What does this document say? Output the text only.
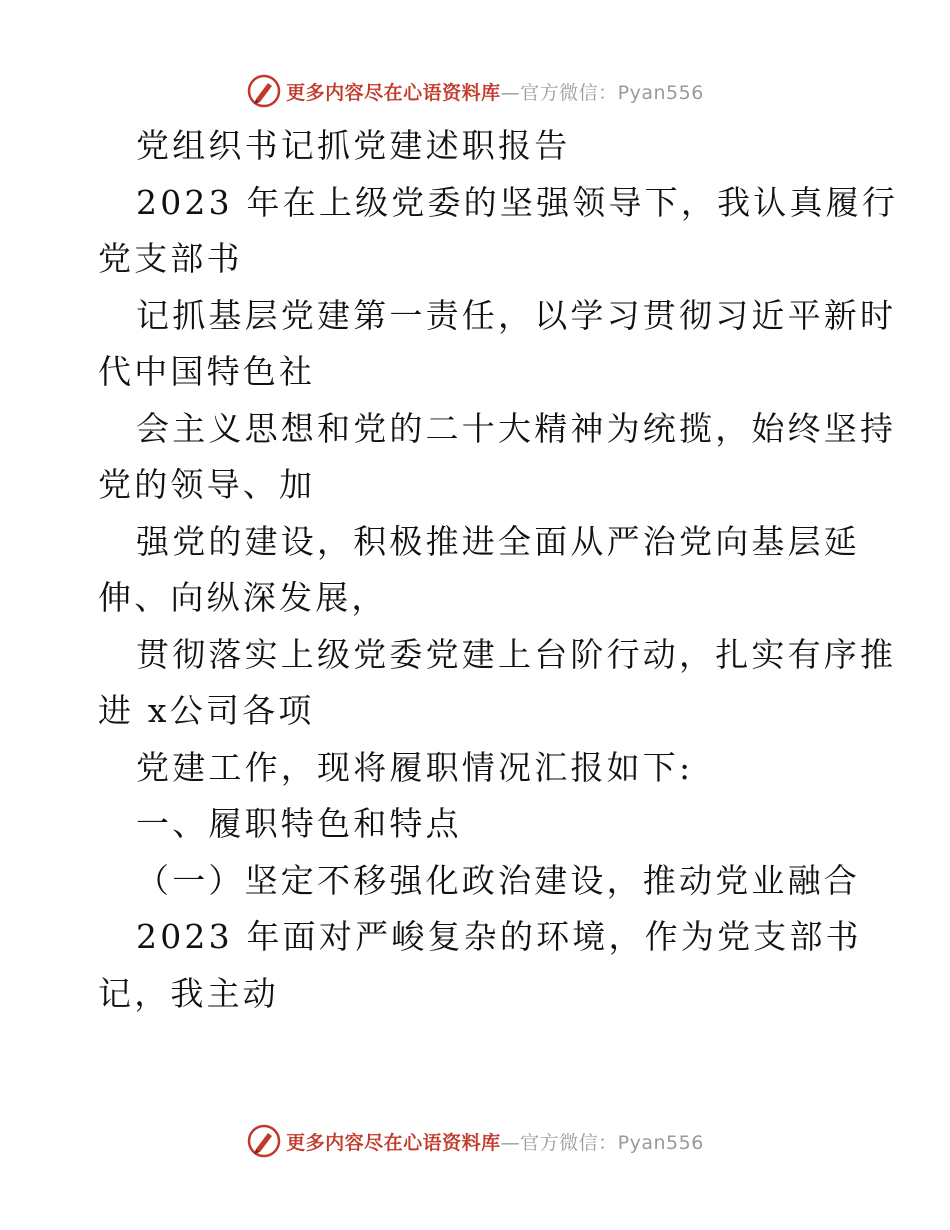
更多内容尽在心语资料库—官方微信：Pyan556
党组织书记抓党建述职报告
2023 年在上级党委的坚强领导下，我认真履行
党支部书
记抓基层党建第一责任，以学习贯彻习近平新时
代中国特色社
会主义思想和党的二十大精神为统揽，始终坚持
党的领导、加
强党的建设，积极推进全面从严治党向基层延
伸、向纵深发展，
贯彻落实上级党委党建上台阶行动，扎实有序推
进 x公司各项
党建工作，现将履职情况汇报如下:
一、履职特色和特点
（一）坚定不移强化政治建设，推动党业融合
2023 年面对严峻复杂的环境，作为党支部书
记，我主动
更多内容尽在心语资料库—官方微信：Pyan556
